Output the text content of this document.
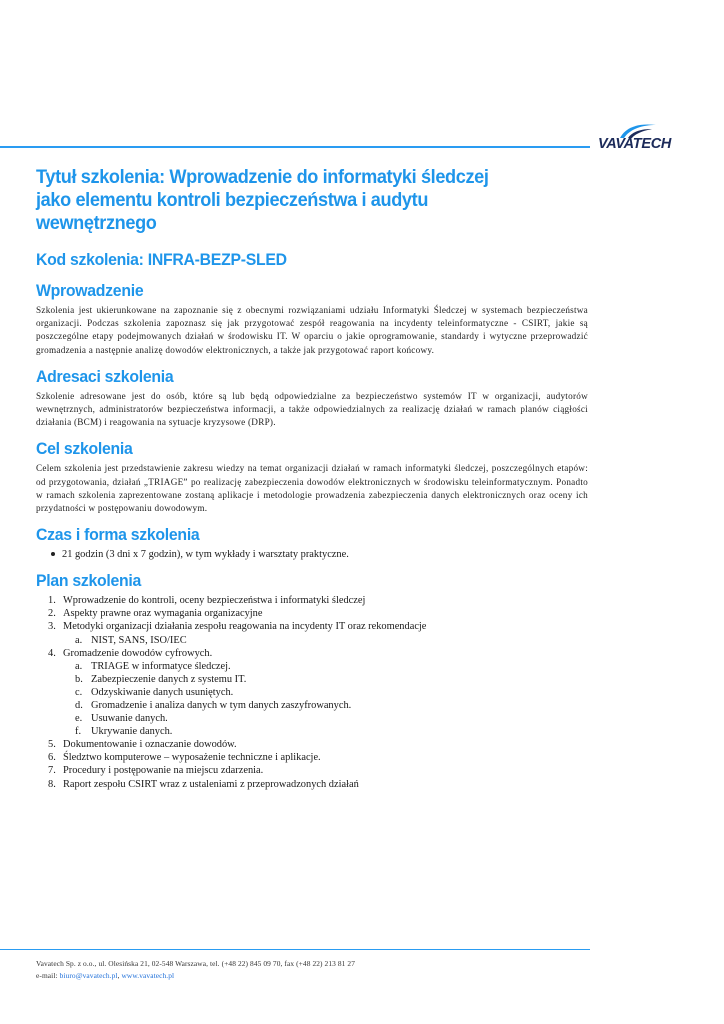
VAVATECH
Tytuł szkolenia: Wprowadzenie do informatyki śledczej jako elementu kontroli bezpieczeństwa i audytu wewnętrznego
Kod szkolenia: INFRA-BEZP-SLED
Wprowadzenie

Szkolenia jest ukierunkowane na zapoznanie się z obecnymi rozwiązaniami udziału Informatyki Śledczej w systemach bezpieczeństwa organizacji. Podczas szkolenia zapoznasz się jak przygotować zespół reagowania na incydenty teleinformatyczne - CSIRT, jakie są poszczególne etapy podejmowanych działań w środowisku IT. W oparciu o jakie oprogramowanie, standardy i wytyczne przeprowadzić gromadzenia a następnie analizę dowodów elektronicznych, a także jak przygotować raport końcowy.

Adresaci szkolenia

Szkolenie adresowane jest do osób, które są lub będą odpowiedzialne za bezpieczeństwo systemów IT w organizacji, audytorów wewnętrznych, administratorów bezpieczeństwa informacji, a także odpowiedzialnych za realizację działań w ramach planów ciągłości działania (BCM) i reagowania na sytuacje kryzysowe (DRP).

Cel szkolenia

Celem szkolenia jest przedstawienie zakresu wiedzy na temat organizacji działań w ramach informatyki śledczej, poszczególnych etapów: od przygotowania, działań „TRIAGE” po realizację zabezpieczenia dowodów elektronicznych w środowisku teleinformatycznym. Ponadto w ramach szkolenia zaprezentowane zostaną aplikacje i metodologie prowadzenia zabezpieczenia danych elektronicznych oraz oceny ich przydatności w postępowaniu dowodowym.

Czas i forma szkolenia
21 godzin (3 dni x 7 godzin), w tym wykłady i warsztaty praktyczne.
Plan szkolenia
1. Wprowadzenie do kontroli, oceny bezpieczeństwa i informatyki śledczej
2. Aspekty prawne oraz wymagania organizacyjne
3. Metodyki organizacji działania zespołu reagowania na incydenty IT oraz rekomendacje
a. NIST, SANS, ISO/IEC
4. Gromadzenie dowodów cyfrowych.
a. TRIAGE w informatyce śledczej.
b. Zabezpieczenie danych z systemu IT.
c. Odzyskiwanie danych usuniętych.
d. Gromadzenie i analiza danych w tym danych zaszyfrowanych.
e. Usuwanie danych.
f. Ukrywanie danych.
5. Dokumentowanie i oznaczanie dowodów.
6. Śledztwo komputerowe – wyposażenie techniczne i aplikacje.
7. Procedury i postępowanie na miejscu zdarzenia.
8. Raport zespołu CSIRT wraz z ustaleniami z przeprowadzonych działań
Vavatech Sp. z o.o., ul. Olesińska 21, 02-548 Warszawa, tel. (+48 22) 845 09 70, fax (+48 22) 213 81 27
e-mail: biuro@vavatech.pl, www.vavatech.pl
